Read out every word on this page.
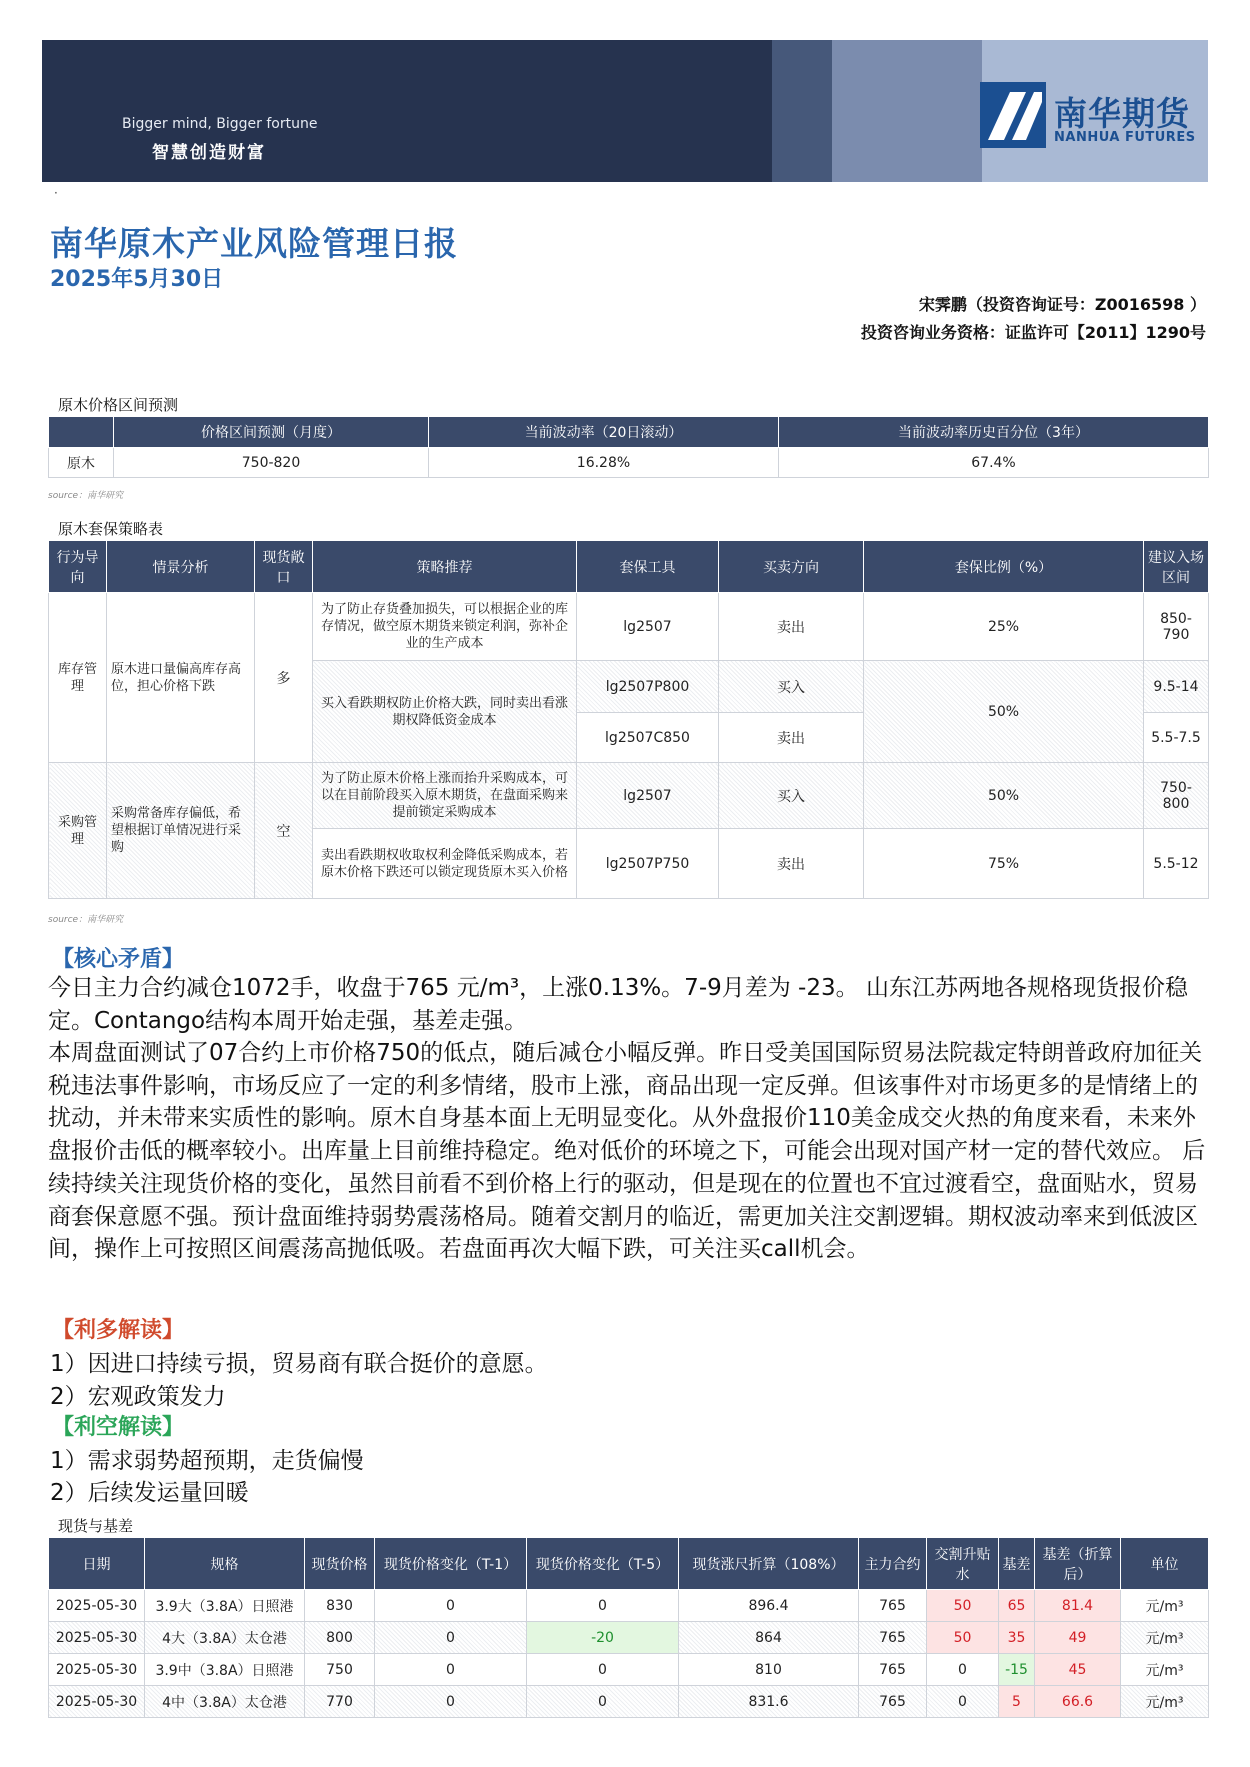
Bigger mind, Bigger fortune
智慧创造财富
南华期货
NANHUA FUTURES
·
南华原木产业风险管理日报
2025年5月30日
宋霁鹏（投资咨询证号：Z0016598 ）
投资咨询业务资格：证监许可【2011】1290号
原木价格区间预测
	价格区间预测（月度）	当前波动率（20日滚动）	当前波动率历史百分位（3年）
原木	750-820	16.28%	67.4%
source：南华研究
原木套保策略表
行为导向	情景分析	现货敞口	策略推荐	套保工具	买卖方向	套保比例（%）	建议入场区间
库存管理	原木进口量偏高库存高位，担心价格下跌	多	为了防止存货叠加损失，可以根据企业的库存情况，做空原木期货来锁定利润，弥补企业的生产成本	lg2507	卖出	25%	850-790
			买入看跌期权防止价格大跌，同时卖出看涨期权降低资金成本	lg2507P800	买入	50%	9.5-14
				lg2507C850	卖出		5.5-7.5
采购管理	采购常备库存偏低，希望根据订单情况进行采购	空	为了防止原木价格上涨而抬升采购成本，可以在目前阶段买入原木期货，在盘面采购来提前锁定采购成本	lg2507	买入	50%	750-800
			卖出看跌期权收取权利金降低采购成本，若原木价格下跌还可以锁定现货原木买入价格	lg2507P750	卖出	75%	5.5-12
source：南华研究
【核心矛盾】
今日主力合约减仓1072手，收盘于765 元/m³，上涨0.13%。7-9月差为 -23。 山东江苏两地各规格现货报价稳定。Contango结构本周开始走强，基差走强。
本周盘面测试了07合约上市价格750的低点，随后减仓小幅反弹。昨日受美国国际贸易法院裁定特朗普政府加征关税违法事件影响，市场反应了一定的利多情绪，股市上涨，商品出现一定反弹。但该事件对市场更多的是情绪上的扰动，并未带来实质性的影响。原木自身基本面上无明显变化。从外盘报价110美金成交火热的角度来看，未来外盘报价击低的概率较小。出库量上目前维持稳定。绝对低价的环境之下，可能会出现对国产材一定的替代效应。 后续持续关注现货价格的变化，虽然目前看不到价格上行的驱动，但是现在的位置也不宜过渡看空，盘面贴水，贸易商套保意愿不强。预计盘面维持弱势震荡格局。随着交割月的临近，需更加关注交割逻辑。期权波动率来到低波区间，操作上可按照区间震荡高抛低吸。若盘面再次大幅下跌，可关注买call机会。
【利多解读】
1）因进口持续亏损，贸易商有联合挺价的意愿。
2）宏观政策发力
【利空解读】
1）需求弱势超预期，走货偏慢
2）后续发运量回暖
现货与基差
日期	规格	现货价格	现货价格变化（T-1）	现货价格变化（T-5）	现货涨尺折算（108%）	主力合约	交割升贴水	基差	基差（折算后）	单位
2025-05-30	3.9大（3.8A）日照港	830	0	0	896.4	765	50	65	81.4	元/m³
2025-05-30	4大（3.8A）太仓港	800	0	-20	864	765	50	35	49	元/m³
2025-05-30	3.9中（3.8A）日照港	750	0	0	810	765	0	-15	45	元/m³
2025-05-30	4中（3.8A）太仓港	770	0	0	831.6	765	0	5	66.6	元/m³
